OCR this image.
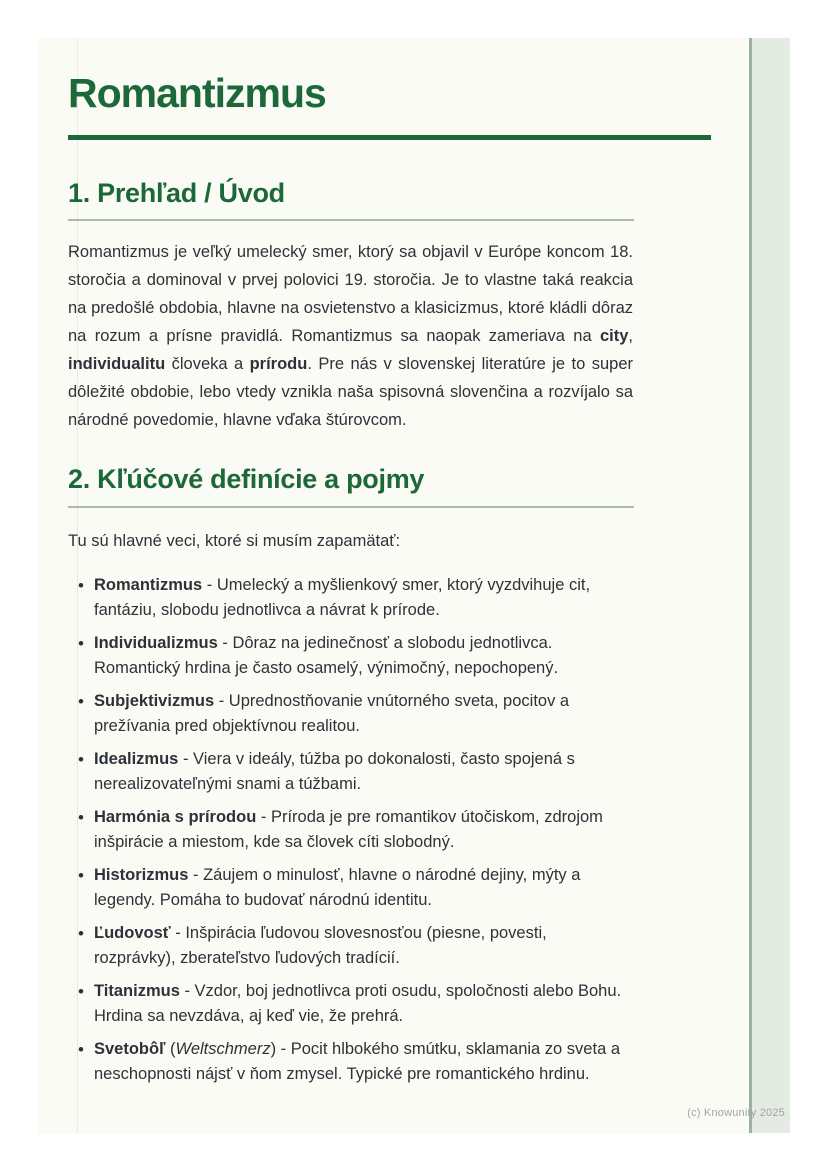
Romantizmus
1. Prehľad / Úvod

Romantizmus je veľký umelecký smer, ktorý sa objavil v Európe koncom 18. storočia a dominoval v prvej polovici 19. storočia. Je to vlastne taká reakcia na predošlé obdobia, hlavne na osvietenstvo a klasicizmus, ktoré kládli dôraz na rozum a prísne pravidlá. Romantizmus sa naopak zameriava na city, individualitu človeka a prírodu. Pre nás v slovenskej literatúre je to super dôležité obdobie, lebo vtedy vznikla naša spisovná slovenčina a rozvíjalo sa národné povedomie, hlavne vďaka štúrovcom.

2. Kľúčové definície a pojmy

Tu sú hlavné veci, ktoré si musím zapamätať:

• Romantizmus - Umelecký a myšlienkový smer, ktorý vyzdvihuje cit, fantáziu, slobodu jednotlivca a návrat k prírode.
• Individualizmus - Dôraz na jedinečnosť a slobodu jednotlivca. Romantický hrdina je často osamelý, výnimočný, nepochopený.
• Subjektivizmus - Uprednostňovanie vnútorného sveta, pocitov a prežívania pred objektívnou realitou.
• Idealizmus - Viera v ideály, túžba po dokonalosti, často spojená s nerealizovateľnými snami a túžbami.
• Harmónia s prírodou - Príroda je pre romantikov útočiskom, zdrojom inšpirácie a miestom, kde sa človek cíti slobodný.
• Historizmus - Záujem o minulosť, hlavne o národné dejiny, mýty a legendy. Pomáha to budovať národnú identitu.
• Ľudovosť - Inšpirácia ľudovou slovesnosťou (piesne, povesti, rozprávky), zberateľstvo ľudových tradícií.
• Titanizmus - Vzdor, boj jednotlivca proti osudu, spoločnosti alebo Bohu. Hrdina sa nevzdáva, aj keď vie, že prehrá.
• Svetobôľ (Weltschmerz) - Pocit hlbokého smútku, sklamania zo sveta a neschopnosti nájsť v ňom zmysel. Typické pre romantického hrdinu.
(c) Knowunity 2025
